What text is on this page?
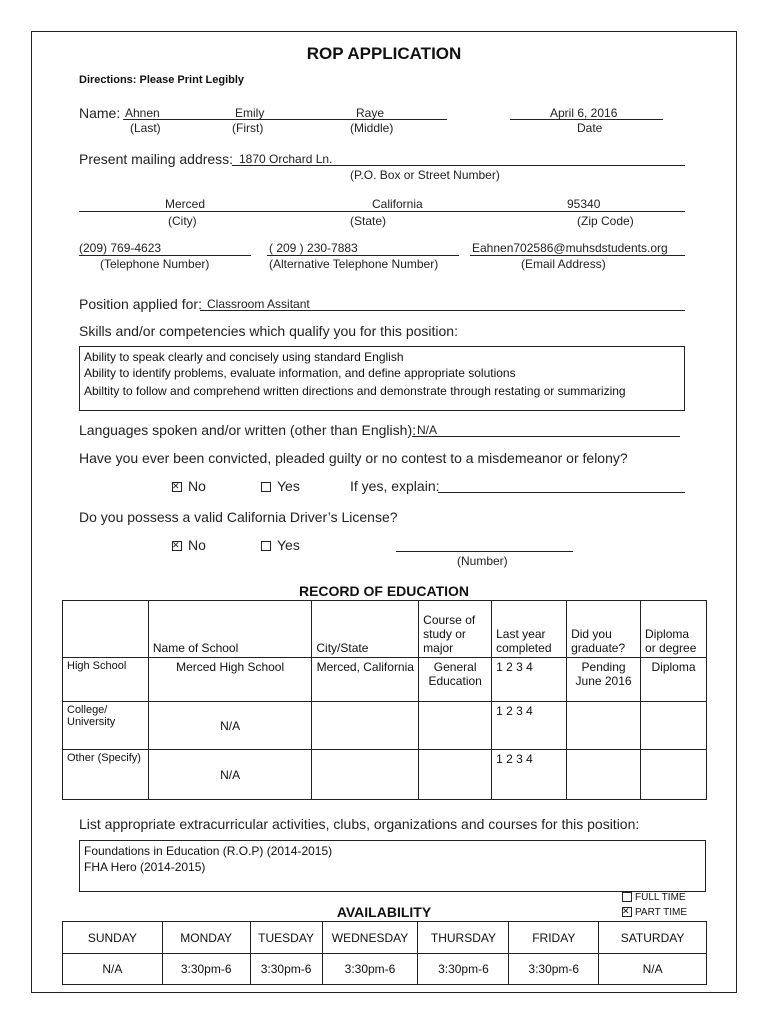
ROP APPLICATION
Directions: Please Print Legibly
Name: Ahnen	Emily	Raye
(Last)	(First)	(Middle)
April 6, 2016
Date
Present mailing address: 1870 Orchard Ln.
(P.O. Box or Street Number)
Merced	California	95340
(City)	(State)	(Zip Code)
(209) 769-4623
(Telephone Number)
( 209 ) 230-7883
(Alternative Telephone Number)
Eahnen702586@muhsdstudents.org
(Email Address)
Position applied for: Classroom Assitant
Skills and/or competencies which qualify you for this position:
Ability to speak clearly and concisely using standard English
Ability to identify problems, evaluate information, and define appropriate solutions
Abiltity to follow and comprehend written directions and demonstrate through restating or summarizing
Languages spoken and/or written (other than English): N/A
Have you ever been convicted, pleaded guilty or no contest to a misdemeanor or felony?
✕No	Yes	If yes, explain:
Do you possess a valid California Driver’s License?
✕No	Yes
(Number)
RECORD OF EDUCATION
	Name of School	City/State	Course of study or major	Last year completed	Did you graduate?	Diploma or degree
High School	Merced High School	Merced, California	General Education	1 2 3 4	Pending June 2016	Diploma
College/ University	N/A			1 2 3 4		
Other (Specify)	N/A			1 2 3 4		
List appropriate extracurricular activities, clubs, organizations and courses for this position:
Foundations in Education (R.O.P) (2014-2015)
FHA Hero (2014-2015)
AVAILABILITY
FULL TIME
✕PART TIME
SUNDAY	MONDAY	TUESDAY	WEDNESDAY	THURSDAY	FRIDAY	SATURDAY
N/A	3:30pm-6	3:30pm-6	3:30pm-6	3:30pm-6	3:30pm-6	N/A
